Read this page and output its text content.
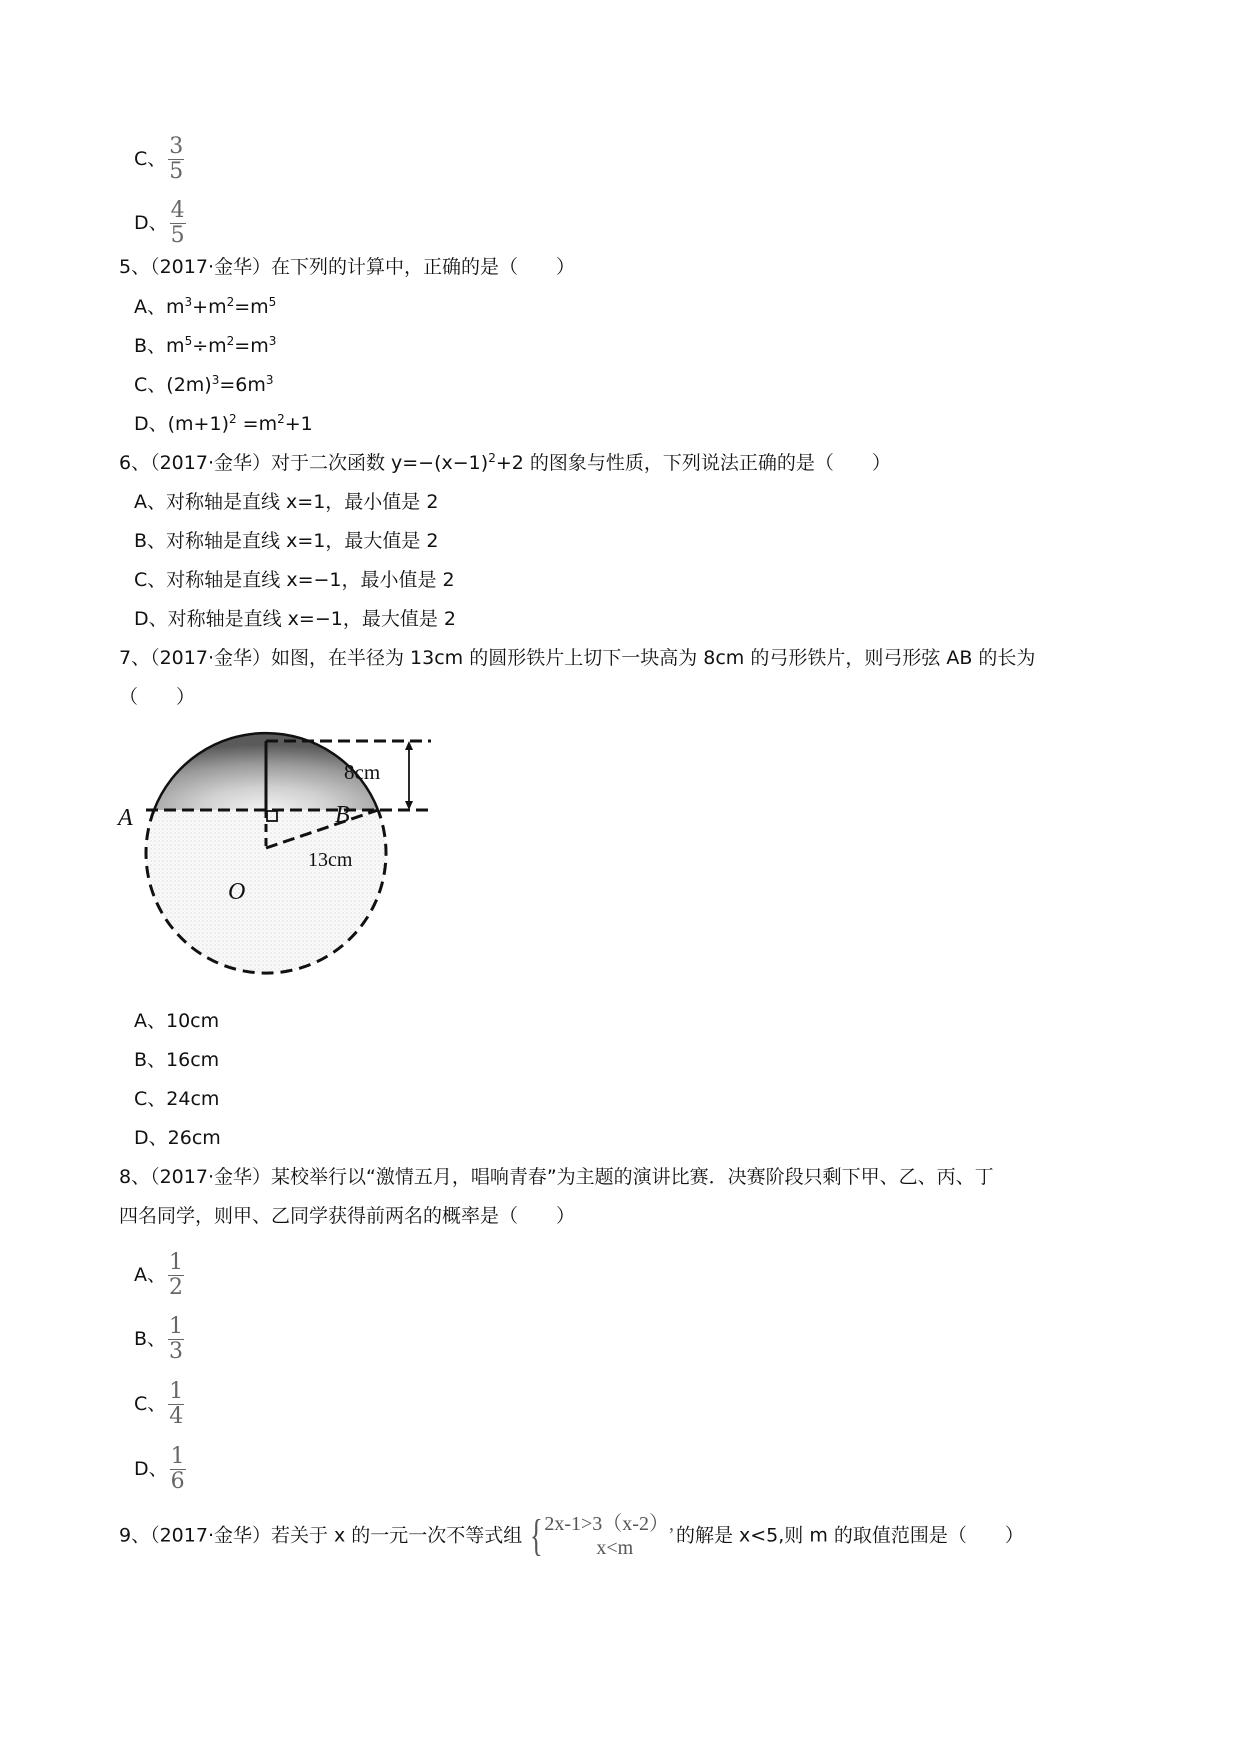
C、 $\frac{3}{5}$
D、 $\frac{4}{5}$
5、（2017·金华）在下列的计算中，正确的是（　　）
A、$m^3+m^2=m^5$
B、$m^5\div m^2=m^3$
C、$(2m)^3=6m^3$
D、$(m+1)^2 =m^2+1$
6、（2017·金华）对于二次函数 $y=-(x-1)^2+2$ 的图象与性质，下列说法正确的是（　　）
A、对称轴是直线 x=1，最小值是 2
B、对称轴是直线 x=1，最大值是 2
C、对称轴是直线 x=−1，最小值是 2
D、对称轴是直线 x=−1，最大值是 2
7、（2017·金华）如图，在半径为 13cm 的圆形铁片上切下一块高为 8cm 的弓形铁片，则弓形弦 AB 的长为
（　　）
A	B
O
8cm
13cm
A、10cm
B、16cm
C、24cm
D、26cm
8、（2017·金华）某校举行以“激情五月，唱响青春”为主题的演讲比赛．决赛阶段只剩下甲、乙、丙、丁
四名同学，则甲、乙同学获得前两名的概率是（　　）
A、 $\frac{1}{2}$
B、 $\frac{1}{3}$
C、 $\frac{1}{4}$
D、 $\frac{1}{6}$
9、（2017·金华）若关于 x 的一元一次不等式组 { 2x-1>3（x-2）,
x<m
的解是 x<5,则 m 的取值范围是（　　）
